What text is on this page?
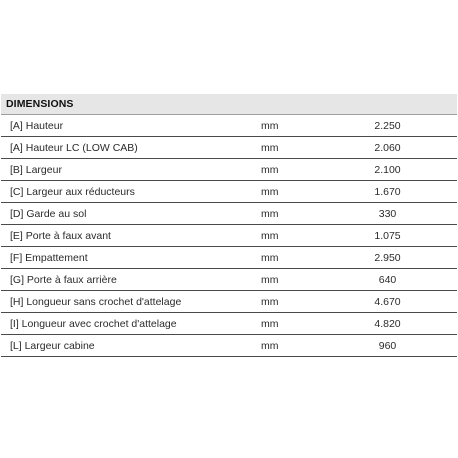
DIMENSIONS		
[A] Hauteur	mm	2.250
[A] Hauteur LC (LOW CAB)	mm	2.060
[B] Largeur	mm	2.100
[C] Largeur aux réducteurs	mm	1.670
[D] Garde au sol	mm	330
[E] Porte à faux avant	mm	1.075
[F] Empattement	mm	2.950
[G] Porte à faux arrière	mm	640
[H] Longueur sans crochet d'attelage	mm	4.670
[I] Longueur avec crochet d'attelage	mm	4.820
[L] Largeur cabine	mm	960
